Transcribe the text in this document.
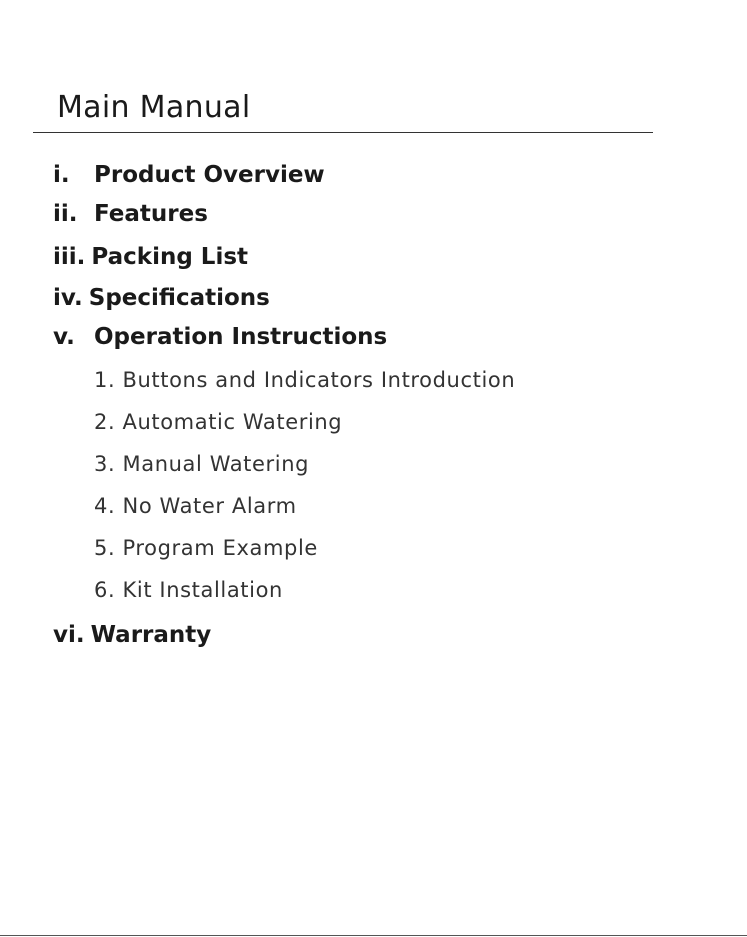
Main Manual
i. Product Overview
ii. Features
iii. Packing List
iv. Specifications
v. Operation Instructions
1. Buttons and Indicators Introduction
2. Automatic Watering
3. Manual Watering
4. No Water Alarm
5. Program Example
6. Kit Installation
vi. Warranty
